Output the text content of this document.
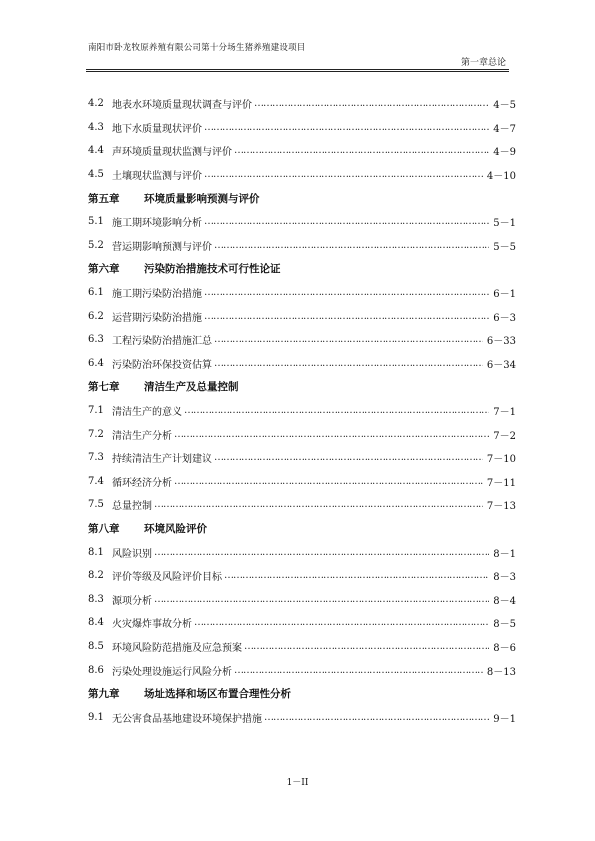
南阳市卧龙牧原养殖有限公司第十分场生猪养殖建设项目
第一章总论
4.2 地表水环境质量现状调查与评价 ……………………………………………………………………………………………………………………………………………………	4－5
4.3 地下水质量现状评价 ……………………………………………………………………………………………………………………………………………………	4－7
4.4 声环境质量现状监测与评价 ……………………………………………………………………………………………………………………………………………………	4－9
4.5 土壤现状监测与评价 ……………………………………………………………………………………………………………………………………………………	4－10
第五章	环境质量影响预测与评价
5.1 施工期环境影响分析 ……………………………………………………………………………………………………………………………………………………	5－1
5.2 营运期影响预测与评价 ……………………………………………………………………………………………………………………………………………………	5－5
第六章	污染防治措施技术可行性论证
6.1 施工期污染防治措施 ……………………………………………………………………………………………………………………………………………………	6－1
6.2 运营期污染防治措施 ……………………………………………………………………………………………………………………………………………………	6－3
6.3 工程污染防治措施汇总 ……………………………………………………………………………………………………………………………………………………	6－33
6.4 污染防治环保投资估算 ……………………………………………………………………………………………………………………………………………………	6－34
第七章	清洁生产及总量控制
7.1 清洁生产的意义 ……………………………………………………………………………………………………………………………………………………	7－1
7.2 清洁生产分析 ……………………………………………………………………………………………………………………………………………………	7－2
7.3 持续清洁生产计划建议 ……………………………………………………………………………………………………………………………………………………	7－10
7.4 循环经济分析 ……………………………………………………………………………………………………………………………………………………	7－11
7.5 总量控制 ……………………………………………………………………………………………………………………………………………………	7－13
第八章	环境风险评价
8.1 风险识别 ……………………………………………………………………………………………………………………………………………………	8－1
8.2 评价等级及风险评价目标 ……………………………………………………………………………………………………………………………………………………	8－3
8.3 源项分析 ……………………………………………………………………………………………………………………………………………………	8－4
8.4 火灾爆炸事故分析 ……………………………………………………………………………………………………………………………………………………	8－5
8.5 环境风险防范措施及应急预案 ……………………………………………………………………………………………………………………………………………………	8－6
8.6 污染处理设施运行风险分析 ……………………………………………………………………………………………………………………………………………………	8－13
第九章	场址选择和场区布置合理性分析
9.1 无公害食品基地建设环境保护措施 ……………………………………………………………………………………………………………………………………………………	9－1
1－II
